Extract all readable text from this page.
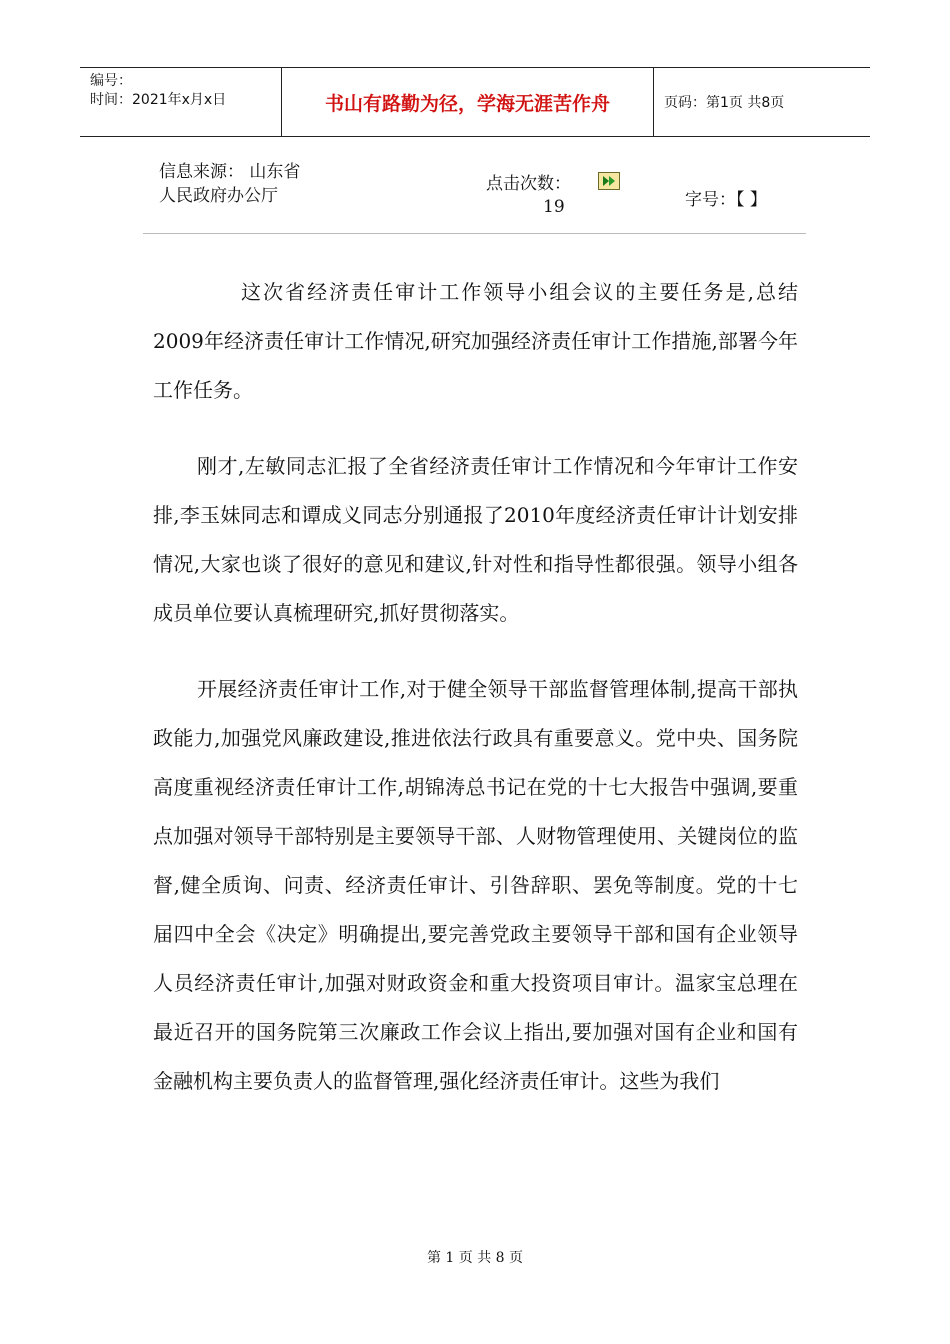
编号：
时间：2021年x月x日	书山有路勤为径，学海无涯苦作舟	页码：第1页 共8页
信息来源： 山东省人民政府办公厅
点击次数：
19	字号：【 】

这次省经济责任审计工作领导小组会议的主要任务是,总结2009年经济责任审计工作情况,研究加强经济责任审计工作措施,部署今年工作任务。

刚才,左敏同志汇报了全省经济责任审计工作情况和今年审计工作安排,李玉妹同志和谭成义同志分别通报了2010年度经济责任审计计划安排情况,大家也谈了很好的意见和建议,针对性和指导性都很强。领导小组各成员单位要认真梳理研究,抓好贯彻落实。

开展经济责任审计工作,对于健全领导干部监督管理体制,提高干部执政能力,加强党风廉政建设,推进依法行政具有重要意义。党中央、国务院高度重视经济责任审计工作,胡锦涛总书记在党的十七大报告中强调,要重点加强对领导干部特别是主要领导干部、人财物管理使用、关键岗位的监督,健全质询、问责、经济责任审计、引咎辞职、罢免等制度。党的十七届四中全会《决定》明确提出,要完善党政主要领导干部和国有企业领导人员经济责任审计,加强对财政资金和重大投资项目审计。温家宝总理在最近召开的国务院第三次廉政工作会议上指出,要加强对国有企业和国有金融机构主要负责人的监督管理,强化经济责任审计。这些为我们

第 1 页 共 8 页
